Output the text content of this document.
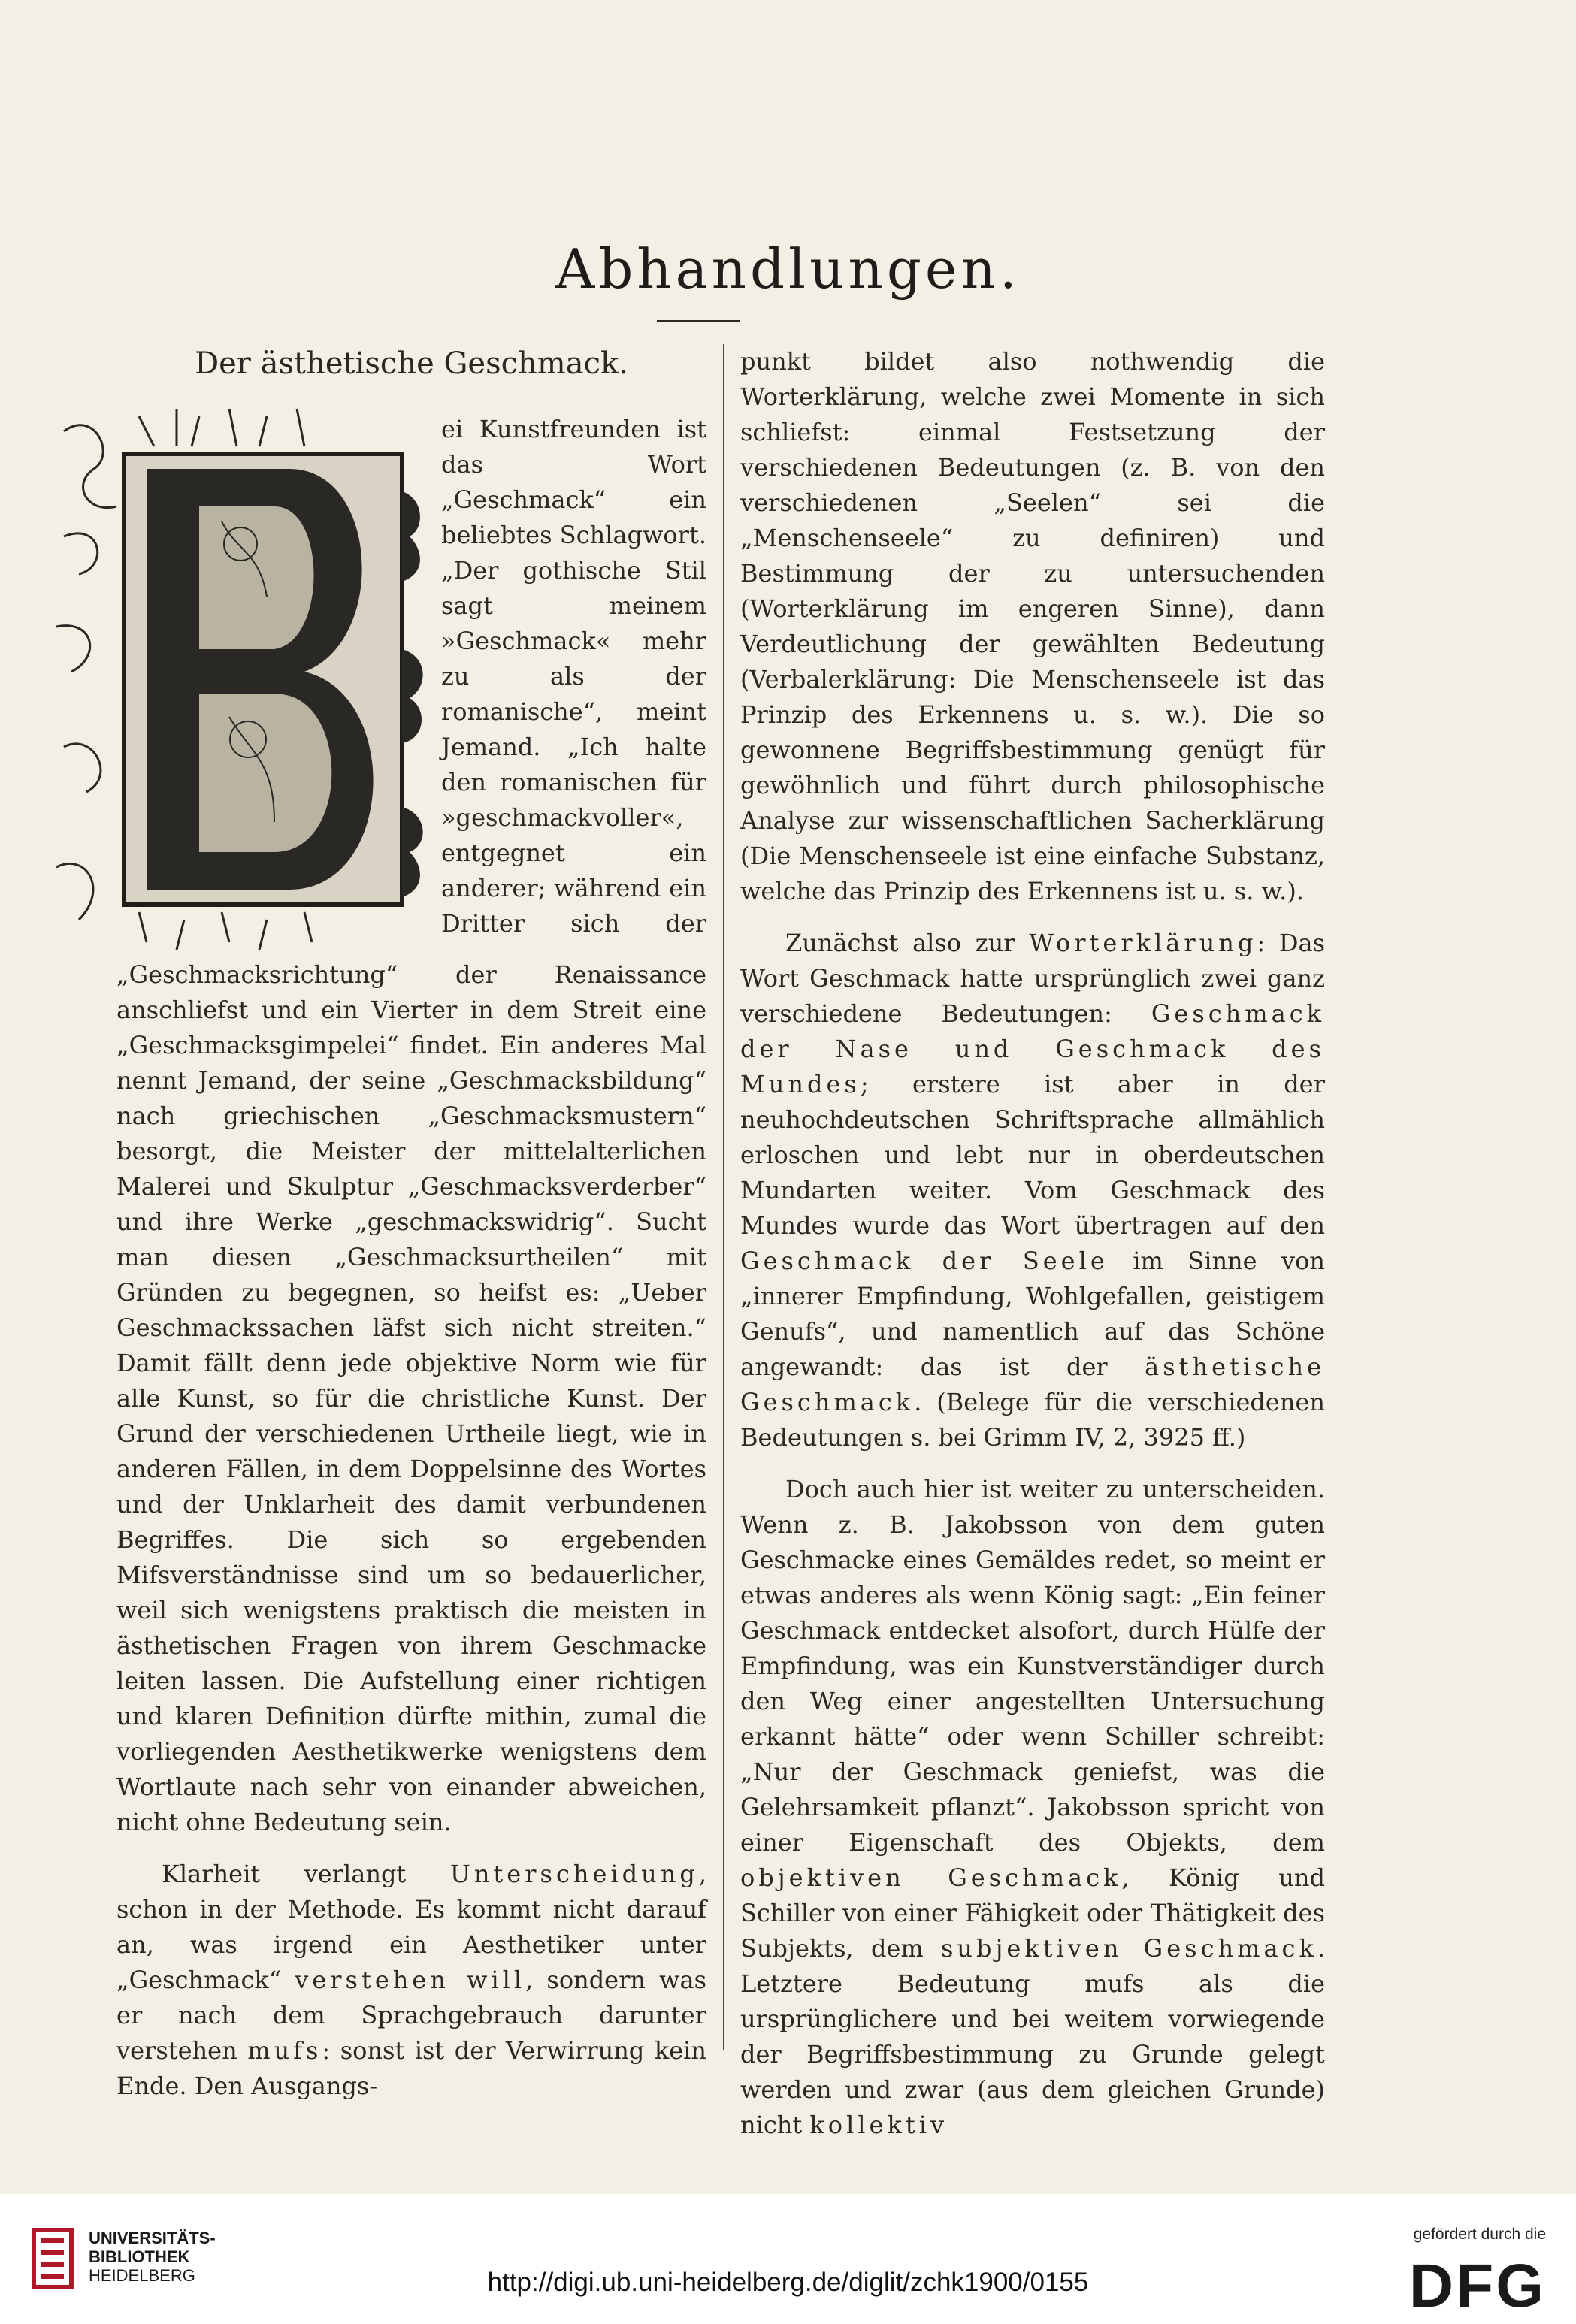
Abhandlungen.
Der ästhetische Geschmack.

ei Kunstfreunden ist das Wort „Geschmack“ ein beliebtes Schlagwort. „Der gothische Stil sagt meinem »Geschmack« mehr zu als der romanische“, meint Jemand. „Ich halte den romanischen für »geschmackvoller«, entgegnet ein anderer; während ein Dritter sich der „Geschmacksrichtung“ der Renaissance anschliefst und ein Vierter in dem Streit eine „Geschmacksgimpelei“ findet. Ein anderes Mal nennt Jemand, der seine „Geschmacksbildung“ nach griechischen „Geschmacksmustern“ besorgt, die Meister der mittelalterlichen Malerei und Skulptur „Geschmacksverderber“ und ihre Werke „geschmackswidrig“. Sucht man diesen „Geschmacksurtheilen“ mit Gründen zu begegnen, so heifst es: „Ueber Geschmackssachen läfst sich nicht streiten.“ Damit fällt denn jede objektive Norm wie für alle Kunst, so für die christliche Kunst. Der Grund der verschiedenen Urtheile liegt, wie in anderen Fällen, in dem Doppelsinne des Wortes und der Unklarheit des damit verbundenen Begriffes. Die sich so ergebenden Mifsverständnisse sind um so bedauerlicher, weil sich wenigstens praktisch die meisten in ästhetischen Fragen von ihrem Geschmacke leiten lassen. Die Aufstellung einer richtigen und klaren Definition dürfte mithin, zumal die vorliegenden Aesthetikwerke wenigstens dem Wortlaute nach sehr von einander abweichen, nicht ohne Bedeutung sein.

Klarheit verlangt Unterscheidung, schon in der Methode. Es kommt nicht darauf an, was irgend ein Aesthetiker unter „Geschmack“ verstehen will, sondern was er nach dem Sprachgebrauch darunter verstehen mufs: sonst ist der Verwirrung kein Ende. Den Ausgangs-

punkt bildet also nothwendig die Worterklärung, welche zwei Momente in sich schliefst: einmal Festsetzung der verschiedenen Bedeutungen (z. B. von den verschiedenen „Seelen“ sei die „Menschenseele“ zu definiren) und Bestimmung der zu untersuchenden (Worterklärung im engeren Sinne), dann Verdeutlichung der gewählten Bedeutung (Verbalerklärung: Die Menschenseele ist das Prinzip des Erkennens u. s. w.). Die so gewonnene Begriffsbestimmung genügt für gewöhnlich und führt durch philosophische Analyse zur wissenschaftlichen Sacherklärung (Die Menschenseele ist eine einfache Substanz, welche das Prinzip des Erkennens ist u. s. w.).

Zunächst also zur Worterklärung: Das Wort Geschmack hatte ursprünglich zwei ganz verschiedene Bedeutungen: Geschmack der Nase und Geschmack des Mundes; erstere ist aber in der neuhochdeutschen Schriftsprache allmählich erloschen und lebt nur in oberdeutschen Mundarten weiter. Vom Geschmack des Mundes wurde das Wort übertragen auf den Geschmack der Seele im Sinne von „innerer Empfindung, Wohlgefallen, geistigem Genufs“, und namentlich auf das Schöne angewandt: das ist der ästhetische Geschmack. (Belege für die verschiedenen Bedeutungen s. bei Grimm IV, 2, 3925 ff.)

Doch auch hier ist weiter zu unterscheiden. Wenn z. B. Jakobsson von dem guten Geschmacke eines Gemäldes redet, so meint er etwas anderes als wenn König sagt: „Ein feiner Geschmack entdecket alsofort, durch Hülfe der Empfindung, was ein Kunstverständiger durch den Weg einer angestellten Untersuchung erkannt hätte“ oder wenn Schiller schreibt: „Nur der Geschmack geniefst, was die Gelehrsamkeit pflanzt“. Jakobsson spricht von einer Eigenschaft des Objekts, dem objektiven Geschmack, König und Schiller von einer Fähigkeit oder Thätigkeit des Subjekts, dem subjektiven Geschmack. Letztere Bedeutung mufs als die ursprünglichere und bei weitem vorwiegende der Begriffsbestimmung zu Grunde gelegt werden und zwar (aus dem gleichen Grunde) nicht kollektiv

UNIVERSITÄTS-
BIBLIOTHEK
HEIDELBERG	http://digi.ub.uni-heidelberg.de/diglit/zchk1900/0155
gefördert durch die
DFG
